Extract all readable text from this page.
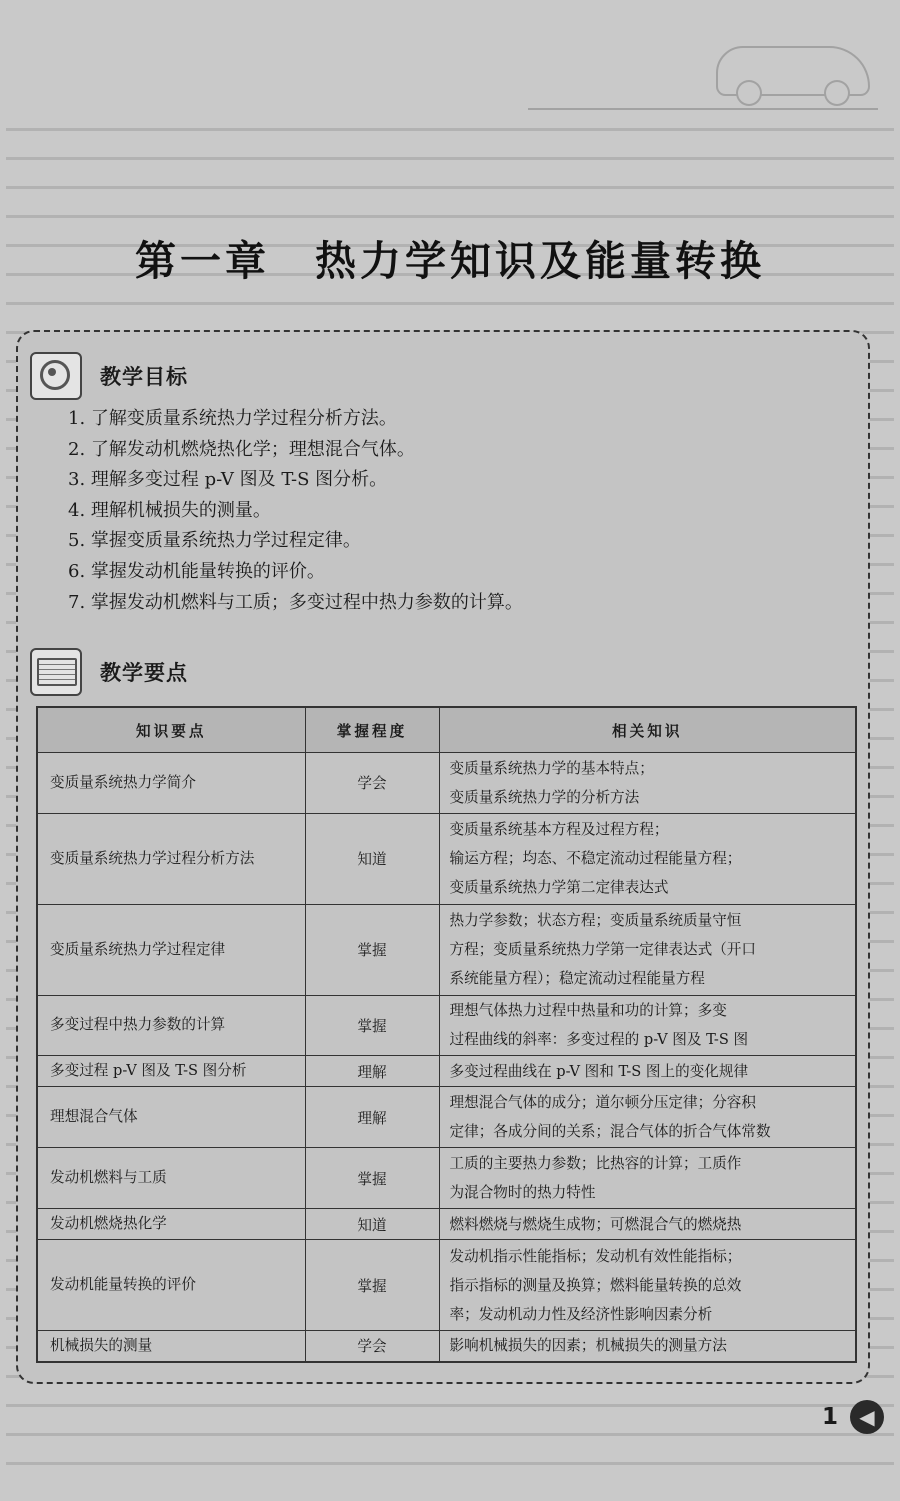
第一章　热力学知识及能量转换
教学目标
1. 了解变质量系统热力学过程分析方法。
2. 了解发动机燃烧热化学；理想混合气体。
3. 理解多变过程 p-V 图及 T-S 图分析。
4. 理解机械损失的测量。
5. 掌握变质量系统热力学过程定律。
6. 掌握发动机能量转换的评价。
7. 掌握发动机燃料与工质；多变过程中热力参数的计算。
教学要点
知识要点	掌握程度	相关知识
变质量系统热力学简介	学会	变质量系统热力学的基本特点；
变质量系统热力学的分析方法

变质量系统热力学过程分析方法	知道	变质量系统基本方程及过程方程；
输运方程；均态、不稳定流动过程能量方程；
变质量系统热力学第二定律表达式

变质量系统热力学过程定律	掌握	热力学参数；状态方程；变质量系统质量守恒
方程；变质量系统热力学第一定律表达式（开口
系统能量方程）；稳定流动过程能量方程

多变过程中热力参数的计算	掌握	理想气体热力过程中热量和功的计算；多变
过程曲线的斜率：多变过程的 p-V 图及 T-S 图

多变过程 p-V 图及 T-S 图分析	理解	多变过程曲线在 p-V 图和 T-S 图上的变化规律

理想混合气体	理解	理想混合气体的成分；道尔顿分压定律；分容积
定律；各成分间的关系；混合气体的折合气体常数

发动机燃料与工质	掌握	工质的主要热力参数；比热容的计算；工质作
为混合物时的热力特性

发动机燃烧热化学	知道	燃料燃烧与燃烧生成物；可燃混合气的燃烧热

发动机能量转换的评价	掌握	发动机指示性能指标；发动机有效性能指标；
指示指标的测量及换算；燃料能量转换的总效
率；发动机动力性及经济性影响因素分析

机械损失的测量	学会	影响机械损失的因素；机械损失的测量方法
1	◀
